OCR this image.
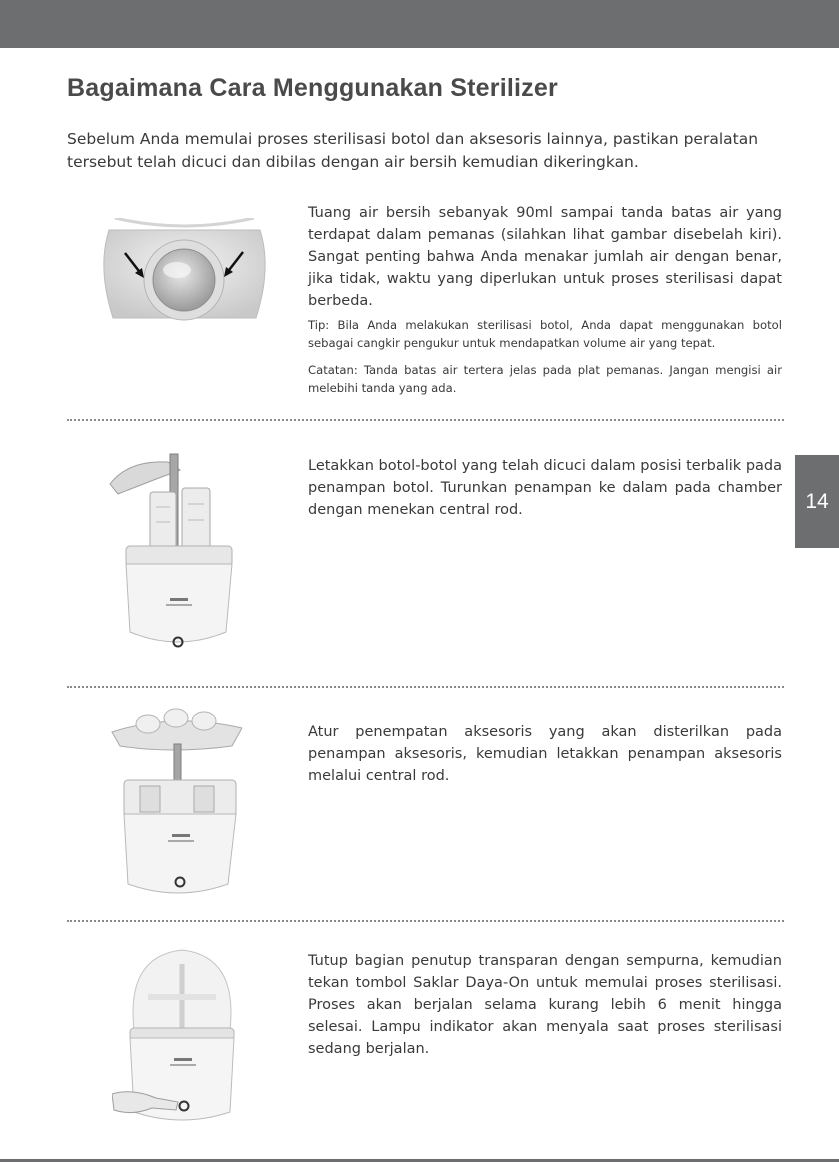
Bagaimana Cara Menggunakan Sterilizer

Sebelum Anda memulai proses sterilisasi botol dan aksesoris lainnya, pastikan peralatan tersebut telah dicuci dan dibilas dengan air bersih kemudian dikeringkan.

Tuang air bersih sebanyak 90ml sampai tanda batas air yang terdapat dalam pemanas (silahkan lihat gambar disebelah kiri). Sangat penting bahwa Anda menakar jumlah air dengan benar, jika tidak, waktu yang diperlukan untuk proses sterilisasi dapat berbeda.

Tip: Bila Anda melakukan sterilisasi botol, Anda dapat menggunakan botol sebagai cangkir pengukur untuk mendapatkan volume air yang tepat.

Catatan: Tanda batas air tertera jelas pada plat pemanas. Jangan mengisi air melebihi tanda yang ada.

Letakkan botol-botol yang telah dicuci dalam posisi terbalik pada penampan botol. Turunkan penampan ke dalam pada chamber dengan menekan central rod.

Atur penempatan aksesoris yang akan disterilkan pada penampan aksesoris, kemudian letakkan penampan aksesoris melalui central rod.

Tutup bagian penutup transparan dengan sempurna, kemudian tekan tombol Saklar Daya-On untuk memulai proses sterilisasi. Proses akan berjalan selama kurang lebih 6 menit hingga selesai. Lampu indikator akan menyala saat proses sterilisasi sedang berjalan.

14
